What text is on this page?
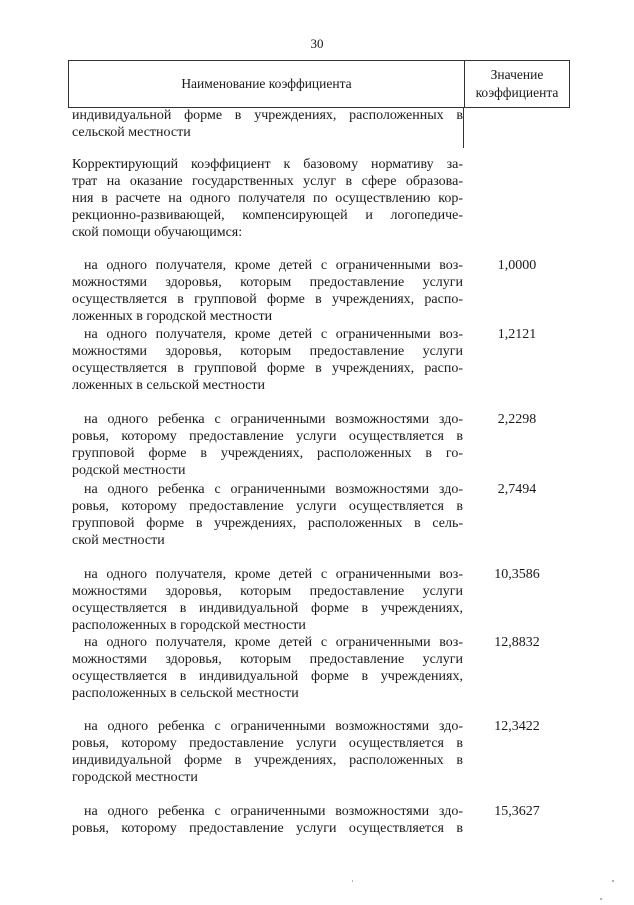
30
Наименование коэффициента
Значение
коэффициента
индивидуальной форме в учреждениях, расположенных в
сельской местности
Корректирующий коэффициент к базовому нормативу за-
трат на оказание государственных услуг в сфере образова-
ния в расчете на одного получателя по осуществлению кор-
рекционно-развивающей, компенсирующей и логопедиче-
ской помощи обучающимся:
на одного получателя, кроме детей с ограниченными воз-
можностями здоровья, которым предоставление услуги
осуществляется в групповой форме в учреждениях, распо-
ложенных в городской местности
1,0000
на одного получателя, кроме детей с ограниченными воз-
можностями здоровья, которым предоставление услуги
осуществляется в групповой форме в учреждениях, распо-
ложенных в сельской местности
1,2121
на одного ребенка с ограниченными возможностями здо-
ровья, которому предоставление услуги осуществляется в
групповой форме в учреждениях, расположенных в го-
родской местности
2,2298
на одного ребенка с ограниченными возможностями здо-
ровья, которому предоставление услуги осуществляется в
групповой форме в учреждениях, расположенных в сель-
ской местности
2,7494
на одного получателя, кроме детей с ограниченными воз-
можностями здоровья, которым предоставление услуги
осуществляется в индивидуальной форме в учреждениях,
расположенных в городской местности
10,3586
на одного получателя, кроме детей с ограниченными воз-
можностями здоровья, которым предоставление услуги
осуществляется в индивидуальной форме в учреждениях,
расположенных в сельской местности
12,8832
на одного ребенка с ограниченными возможностями здо-
ровья, которому предоставление услуги осуществляется в
индивидуальной форме в учреждениях, расположенных в
городской местности
12,3422
на одного ребенка с ограниченными возможностями здо-
ровья, которому предоставление услуги осуществляется в
15,3627
